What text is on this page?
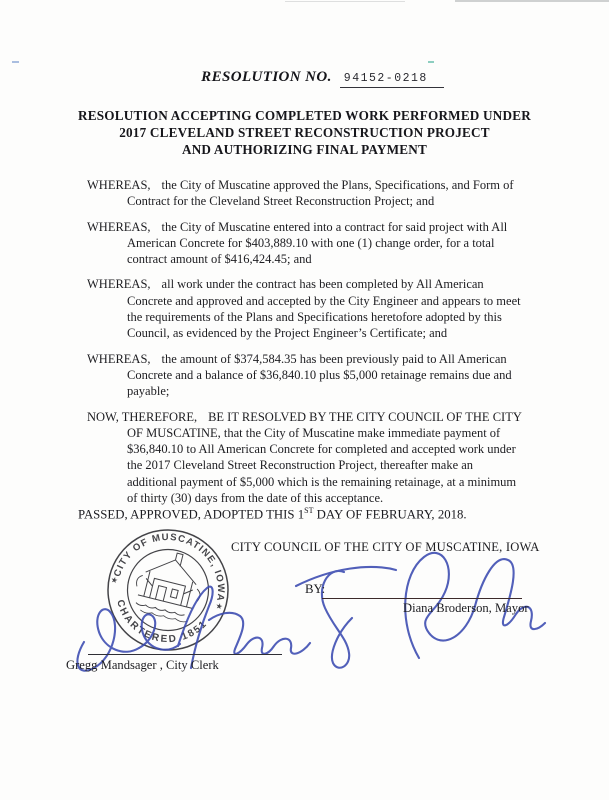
RESOLUTION NO. 94152-0218
RESOLUTION ACCEPTING COMPLETED WORK PERFORMED UNDER
2017 CLEVELAND STREET RECONSTRUCTION PROJECT
AND AUTHORIZING FINAL PAYMENT

WHEREAS, the City of Muscatine approved the Plans, Specifications, and Form of Contract for the Cleveland Street Reconstruction Project; and

WHEREAS, the City of Muscatine entered into a contract for said project with All American Concrete for $403,889.10 with one (1) change order, for a total contract amount of $416,424.45; and

WHEREAS, all work under the contract has been completed by All American Concrete and approved and accepted by the City Engineer and appears to meet the requirements of the Plans and Specifications heretofore adopted by this Council, as evidenced by the Project Engineer’s Certificate; and

WHEREAS, the amount of $374,584.35 has been previously paid to All American Concrete and a balance of $36,840.10 plus $5,000 retainage remains due and payable;

NOW, THEREFORE, BE IT RESOLVED BY THE CITY COUNCIL OF THE CITY OF MUSCATINE, that the City of Muscatine make immediate payment of $36,840.10 to All American Concrete for completed and accepted work under the 2017 Cleveland Street Reconstruction Project, thereafter make an additional payment of $5,000 which is the remaining retainage, at a minimum of thirty (30) days from the date of this acceptance.

PASSED, APPROVED, ADOPTED THIS 1ST DAY OF FEBRUARY, 2018.
CITY COUNCIL OF THE CITY OF MUSCATINE, IOWA
CITY OF MUSCATINE, IOWA
CHARTERED 1851
★
★
BY:
Diana Broderson, Mayor
Gregg Mandsager , City Clerk
